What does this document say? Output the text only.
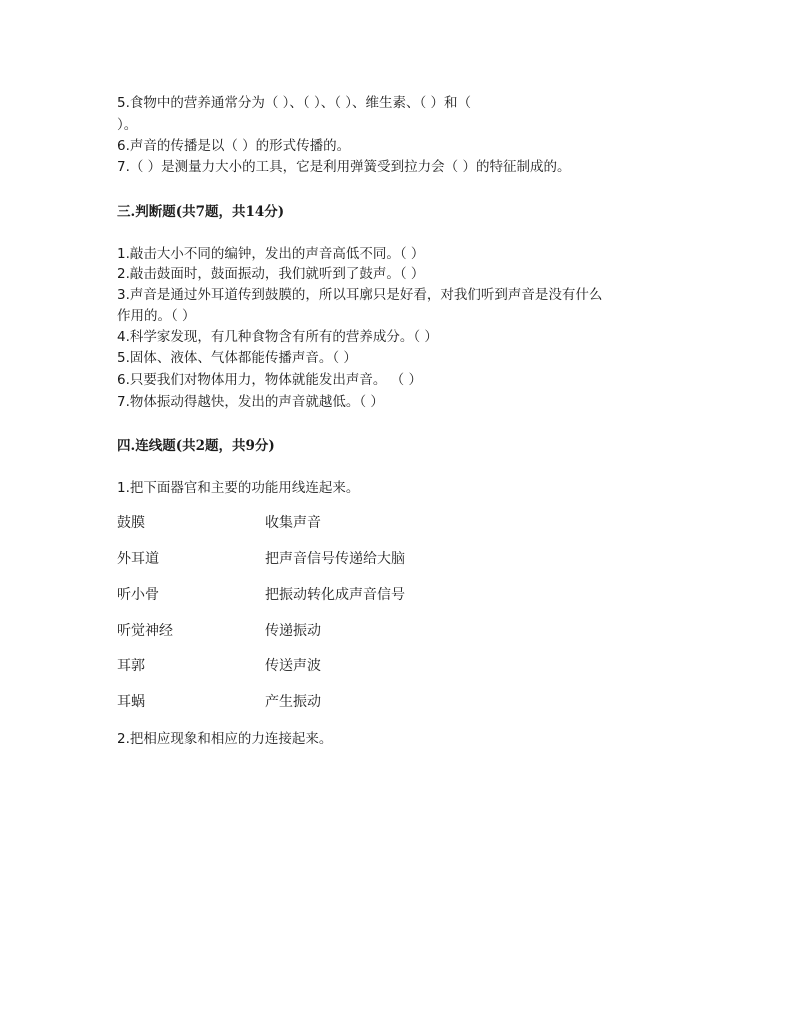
5.食物中的营养通常分为（ ）、（ ）、（ ）、维生素、（ ）和（
）。
6.声音的传播是以（ ）的形式传播的。
7.（ ）是测量力大小的工具，它是利用弹簧受到拉力会（ ）的特征制成的。
三.判断题(共7题，共14分)
1.敲击大小不同的编钟，发出的声音高低不同。（ ）
2.敲击鼓面时，鼓面振动，我们就听到了鼓声。（ ）
3.声音是通过外耳道传到鼓膜的，所以耳廓只是好看，对我们听到声音是没有什么
作用的。（ ）
4.科学家发现，有几种食物含有所有的营养成分。（ ）
5.固体、液体、气体都能传播声音。（ ）
6.只要我们对物体用力，物体就能发出声音。 （ ）
7.物体振动得越快，发出的声音就越低。（ ）
四.连线题(共2题，共9分)
1.把下面器官和主要的功能用线连起来。
鼓膜	收集声音
外耳道	把声音信号传递给大脑
听小骨	把振动转化成声音信号
听觉神经	传递振动
耳郭	传送声波
耳蜗	产生振动
2.把相应现象和相应的力连接起来。
